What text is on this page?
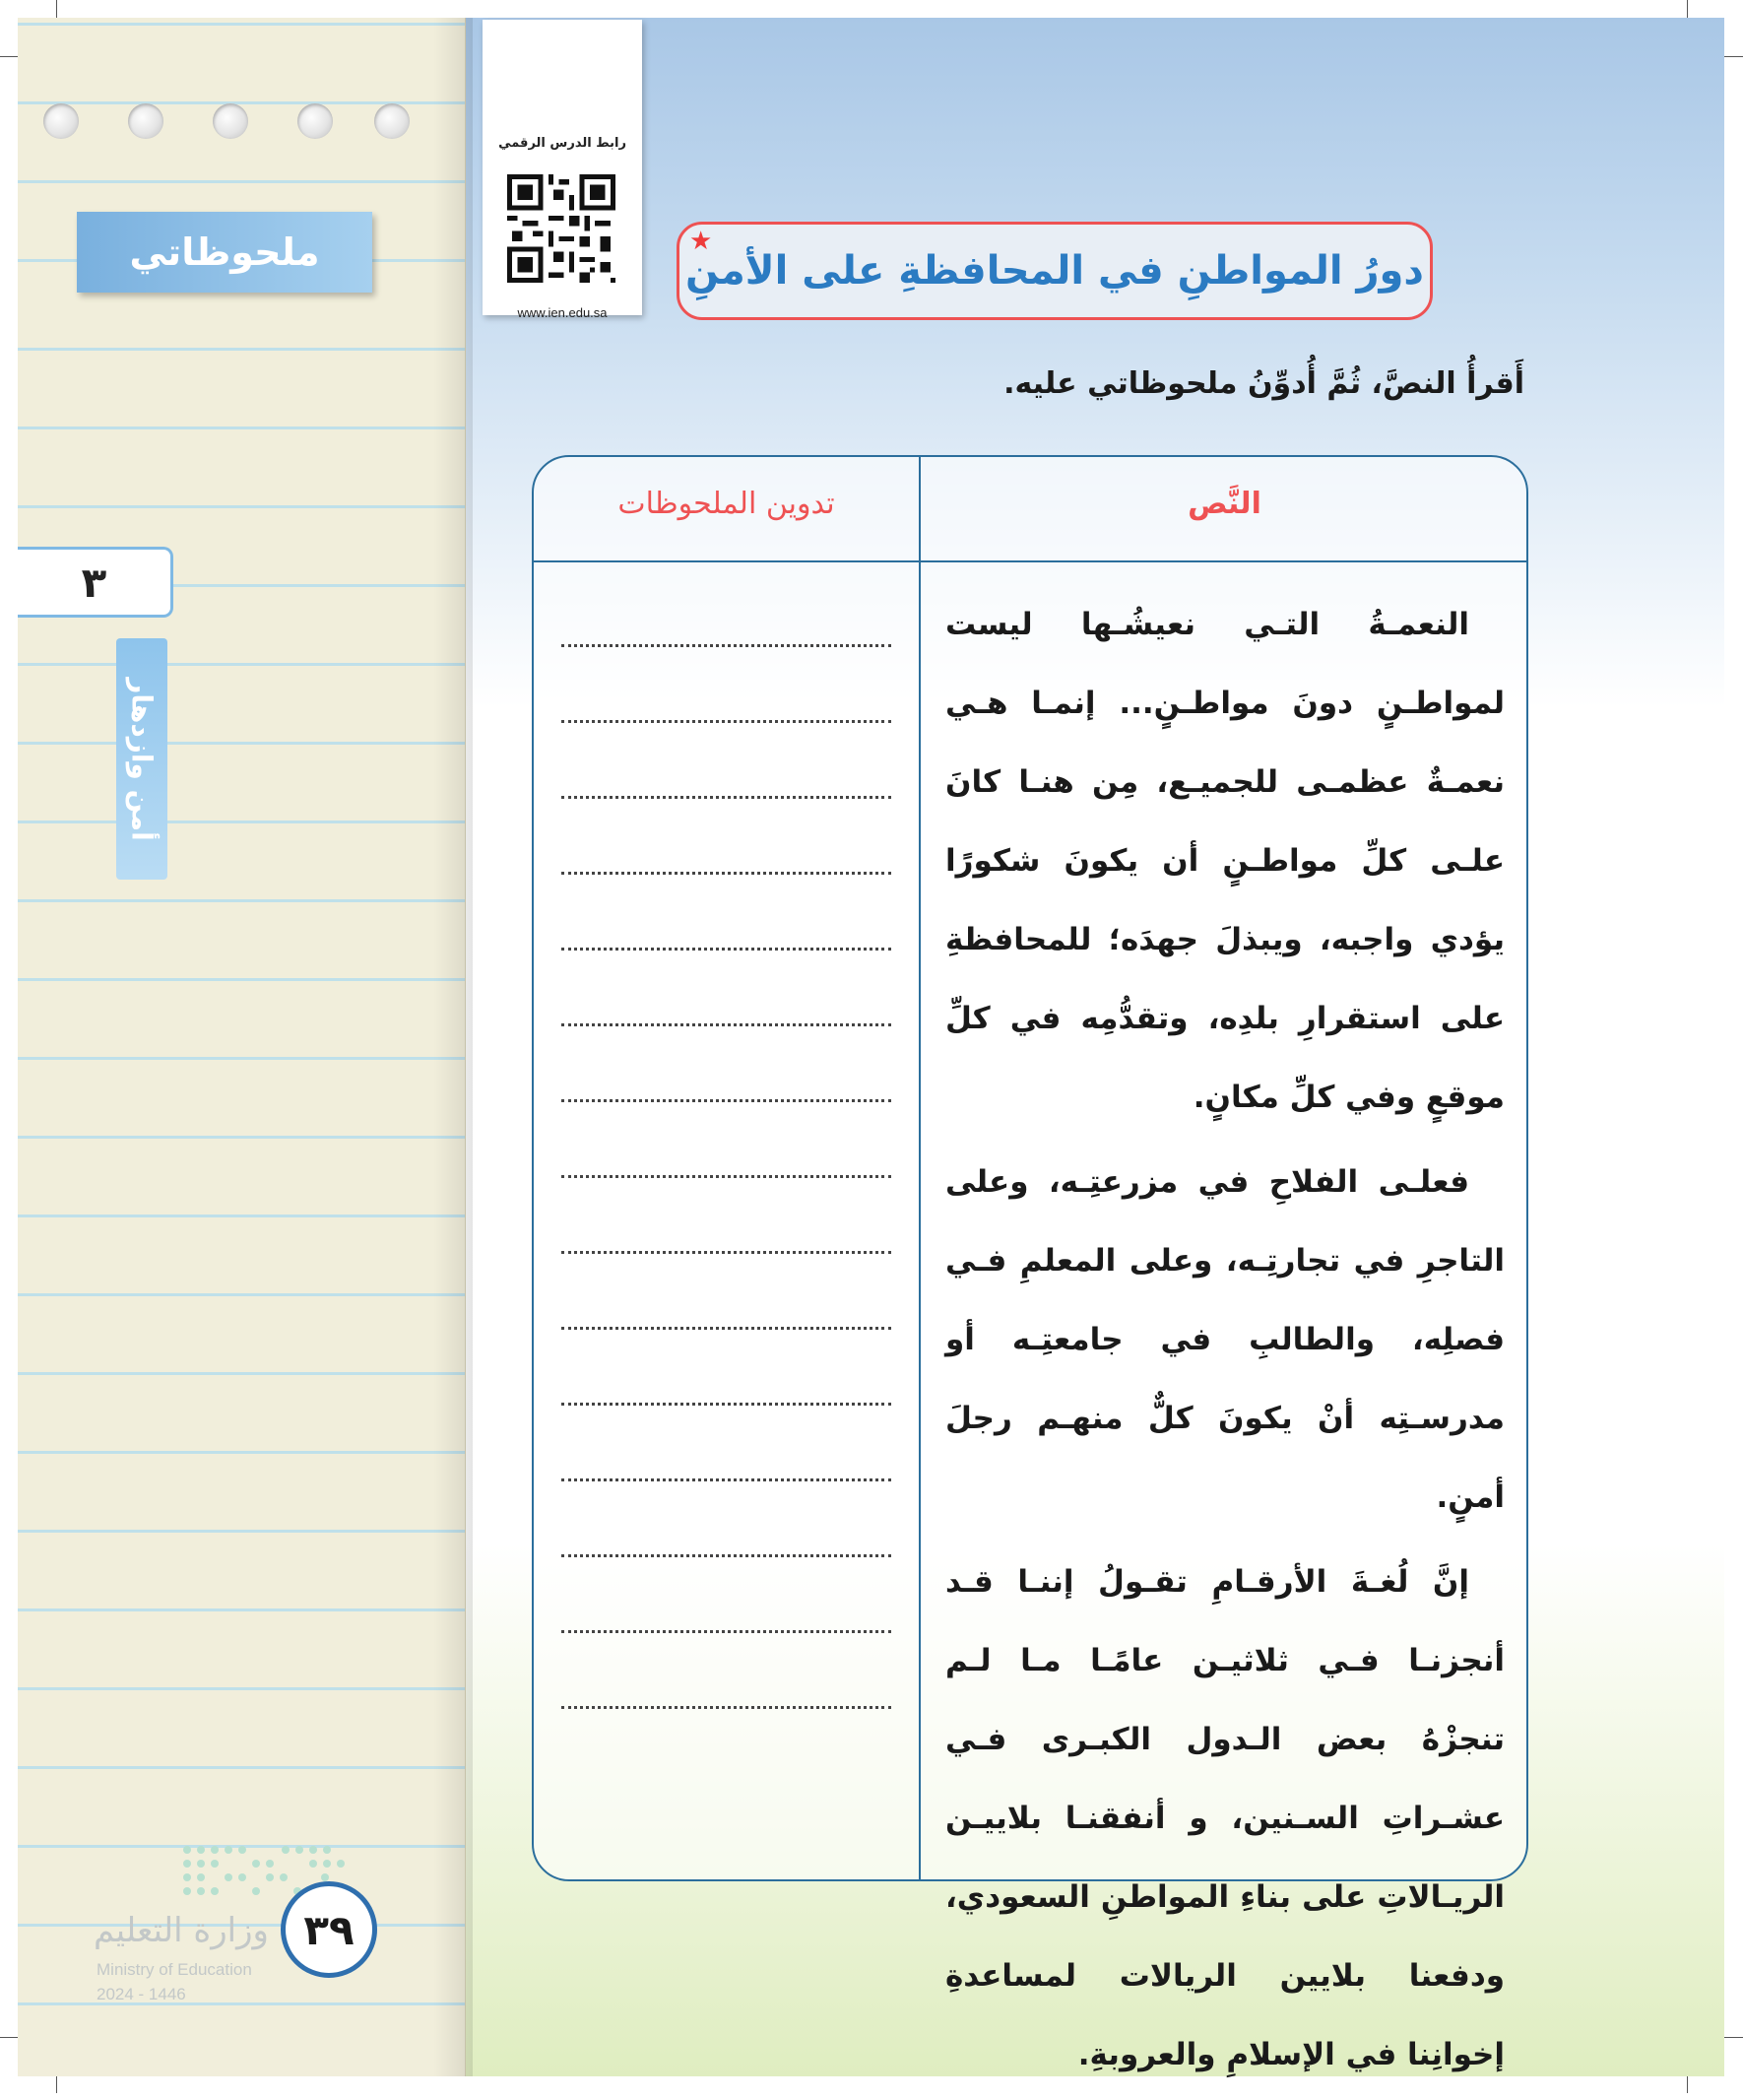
ملحوظاتي
٣
أمن وازدهار
٣٩
وزارة التعليم
Ministry of Education
2024 - 1446
رابط الدرس الرقمي
www.ien.edu.sa
دورُ المواطنِ في المحافظةِ على الأمنِ
★
أَقرأُ النصَّ، ثُمَّ أُدوِّنُ ملحوظاتي عليه.
تدوين الملحوظات	النَّص

النعمـةُ التـي نعيشُـها ليست لمواطـنٍ دونَ مواطـنٍ... إنمـا هـي نعمـةٌ عظمـى للجميـع، مِن هنـا كانَ علـى كلِّ مواطـنٍ أن يكونَ شكورًا يؤدي واجبه، ويبذلَ جهدَه؛ للمحافظةِ على استقرارِ بلدِه، وتقدُّمِه في كلِّ موقعٍ وفي كلِّ مكانٍ.

فعلـى الفلاحِ في مزرعتِـه، وعلى التاجرِ في تجارتِـه، وعلى المعلمِ فـي فصلِه، والطالبِ في جامعتِـه أو مدرسـتِه أنْ يكونَ كلٌّ منهـم رجلَ أمنٍ.

إنَّ لُغـةَ الأرقـامِ تقـولُ إننـا قـد أنجزنـا فـي ثلاثيـن عامًـا مـا لـم تنجزْهُ بعض الـدول الكبـرى فـي عشـراتِ السـنين، و أنفقنـا بلاييـن الريـالاتِ على بناءِ المواطنِ السعودي، ودفعنا بلايين الريالات لمساعدةِ إخوانِنا في الإسلامِ والعروبةِ.
